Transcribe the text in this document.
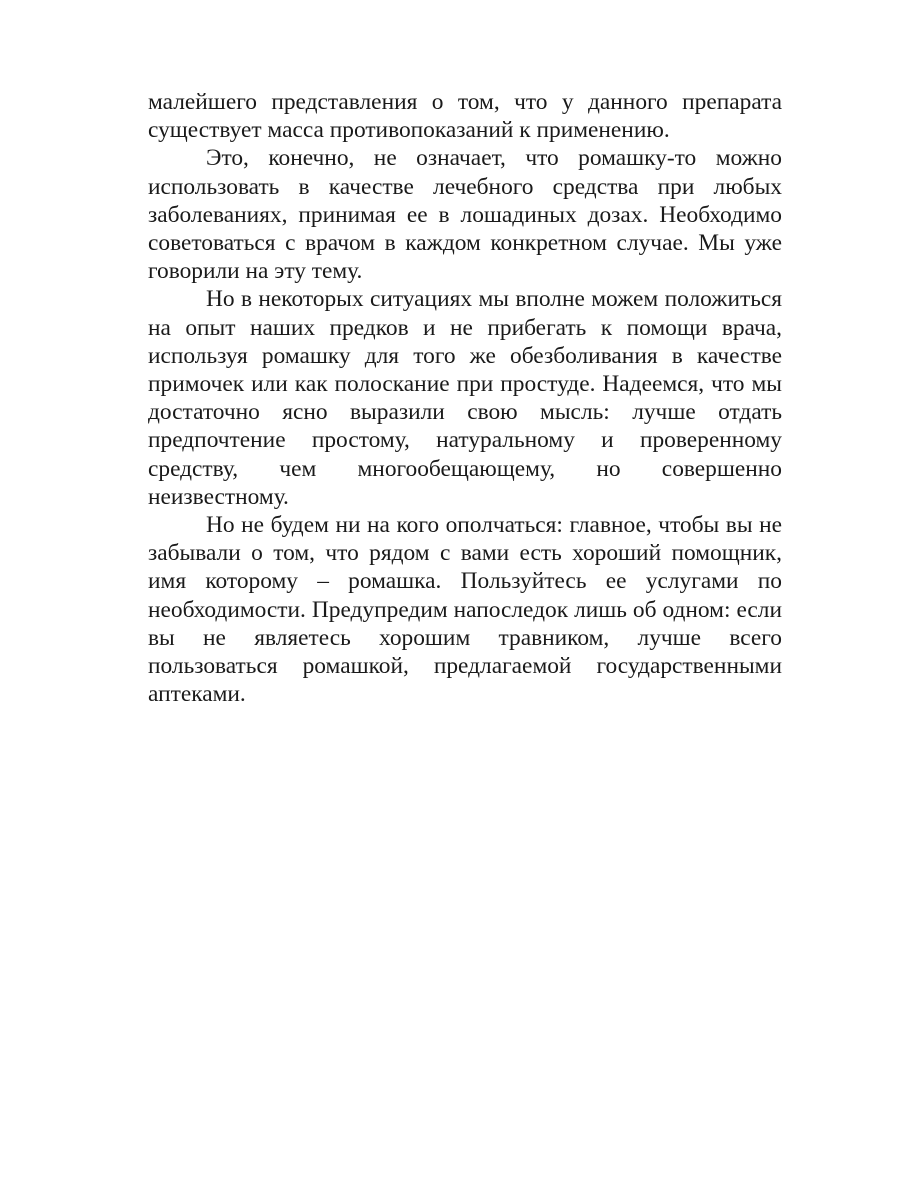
малейшего представления о том, что у данного препарата существует масса противопоказаний к применению.

Это, конечно, не означает, что ромашку-то можно использовать в качестве лечебного средства при любых заболеваниях, принимая ее в лошадиных дозах. Необходимо советоваться с врачом в каждом конкретном случае. Мы уже говорили на эту тему.

Но в некоторых ситуациях мы вполне можем положиться на опыт наших предков и не прибегать к помощи врача, используя ромашку для того же обезболивания в качестве примочек или как полоскание при простуде. Надеемся, что мы достаточно ясно выразили свою мысль: лучше отдать предпочтение простому, натуральному и проверенному средству, чем многообещающему, но совершенно неизвестному.

Но не будем ни на кого ополчаться: главное, чтобы вы не забывали о том, что рядом с вами есть хороший помощник, имя которому – ромашка. Пользуйтесь ее услугами по необходимости. Предупредим напоследок лишь об одном: если вы не являетесь хорошим травником, лучше всего пользоваться ромашкой, предлагаемой государственными аптеками.
